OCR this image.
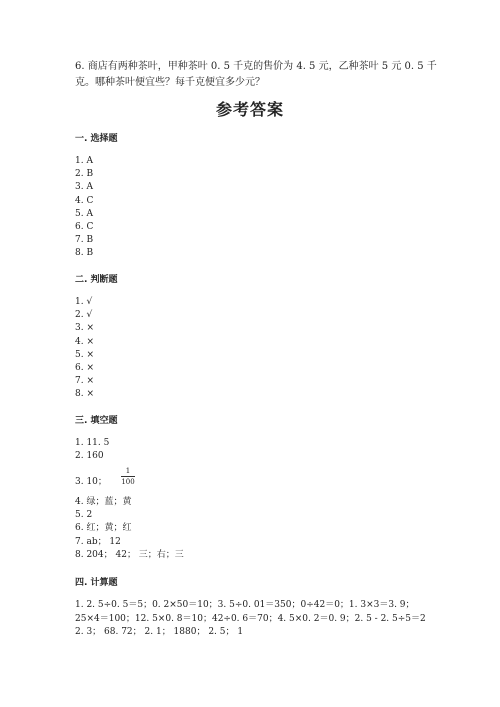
6. 商店有两种茶叶，甲种茶叶 0. 5 千克的售价为 4. 5 元，乙种茶叶 5 元 0. 5 千

克。哪种茶叶便宜些？每千克便宜多少元？

参考答案
一. 选择题
1. A
2. B
3. A
4. C
5. A
6. C
7. B
8. B
二. 判断题
1. √
2. √
3. ×
4. ×
5. ×
6. ×
7. ×
8. ×
三. 填空题
1. 11. 5
2. 160
3. 10；
1
100
4. 绿；蓝；黄
5. 2
6. 红；黄；红
7. ab； 12
8. 204； 42； 三；右；三
四. 计算题
1. 2. 5÷0. 5＝5；0. 2×50＝10；3. 5÷0. 01＝350；0÷42＝0；1. 3×3＝3. 9；
25×4＝100；12. 5×0. 8＝10；42÷0. 6＝70；4. 5×0. 2＝0. 9；2. 5 - 2. 5÷5＝2
2. 3； 68. 72； 2. 1； 1880； 2. 5； 1
